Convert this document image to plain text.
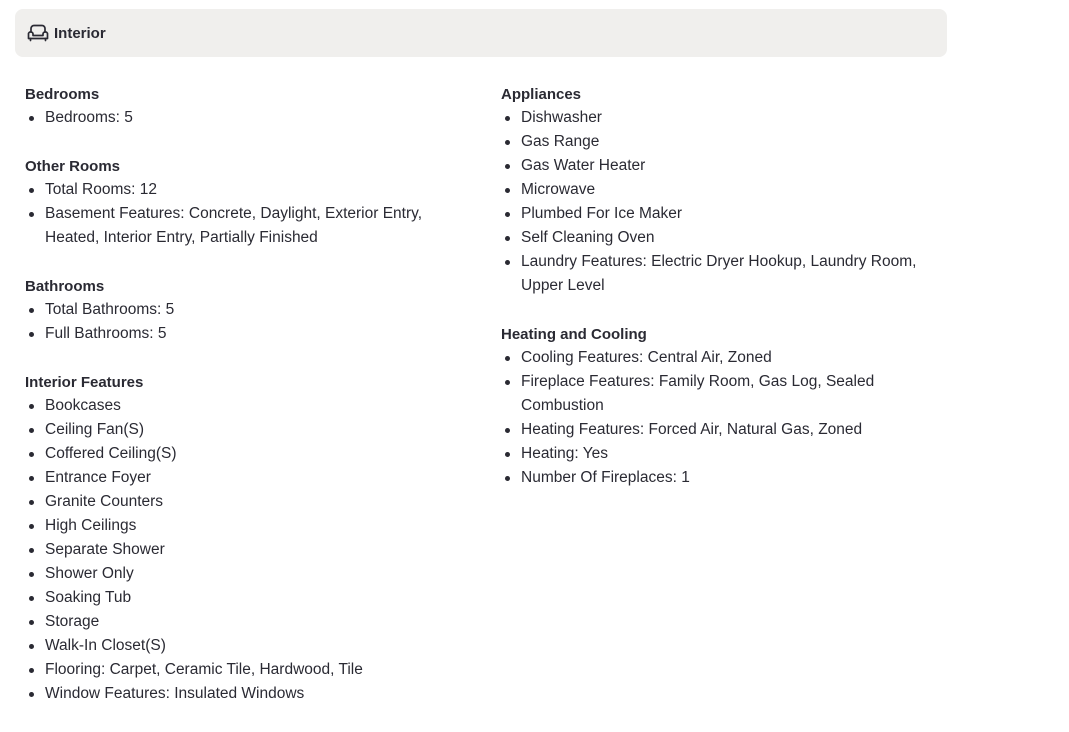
Interior
Bedrooms
Bedrooms: 5
Other Rooms
Total Rooms: 12
Basement Features: Concrete, Daylight, Exterior Entry, Heated, Interior Entry, Partially Finished
Bathrooms
Total Bathrooms: 5
Full Bathrooms: 5
Interior Features
Bookcases
Ceiling Fan(S)
Coffered Ceiling(S)
Entrance Foyer
Granite Counters
High Ceilings
Separate Shower
Shower Only
Soaking Tub
Storage
Walk-In Closet(S)
Flooring: Carpet, Ceramic Tile, Hardwood, Tile
Window Features: Insulated Windows
Appliances
Dishwasher
Gas Range
Gas Water Heater
Microwave
Plumbed For Ice Maker
Self Cleaning Oven
Laundry Features: Electric Dryer Hookup, Laundry Room, Upper Level
Heating and Cooling
Cooling Features: Central Air, Zoned
Fireplace Features: Family Room, Gas Log, Sealed Combustion
Heating Features: Forced Air, Natural Gas, Zoned
Heating: Yes
Number Of Fireplaces: 1
